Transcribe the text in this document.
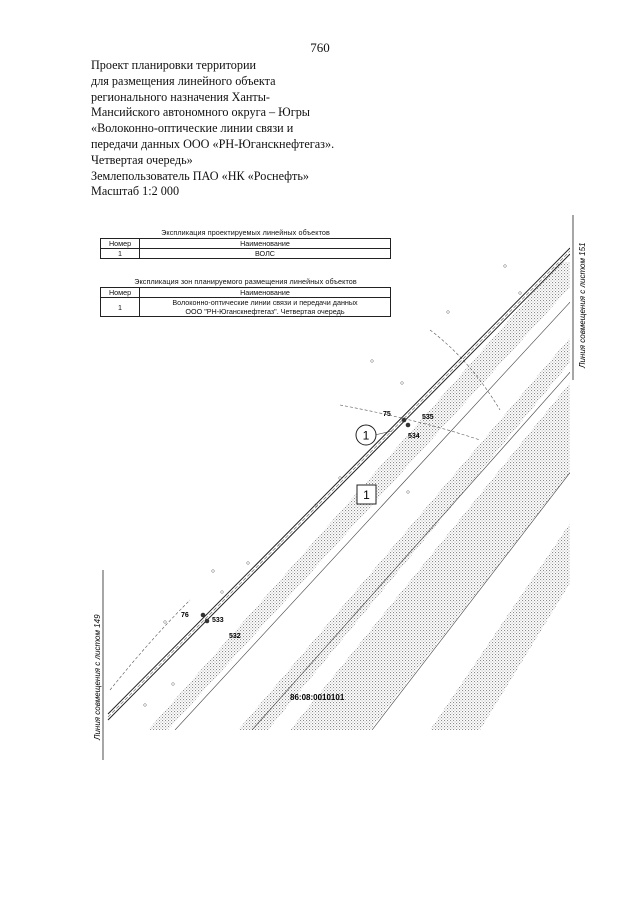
760
Проект планировки территории
для размещения линейного объекта
регионального назначения Ханты-
Мансийского автономного округа – Югры
«Волоконно-оптические линии связи и
передачи данных ООО «РН-Юганскнефтегаз».
Четвертая очередь»
Землепользователь ПАО «НК «Роснефть»
Масштаб 1:2 000
Экспликация проектируемых линейных объектов
Номер	Наименование
1	ВОЛС
Экспликация зон планируемого размещения линейных объектов
Номер	Наименование
1	Волоконно-оптические линии связи и передачи данных
ООО "РН-Юганскнефтегаз". Четвертая очередь
75	535
534
76
533
532
1
1
86:08:0010101
Линия совмещения с листом 149
Линия совмещения с листом 151
